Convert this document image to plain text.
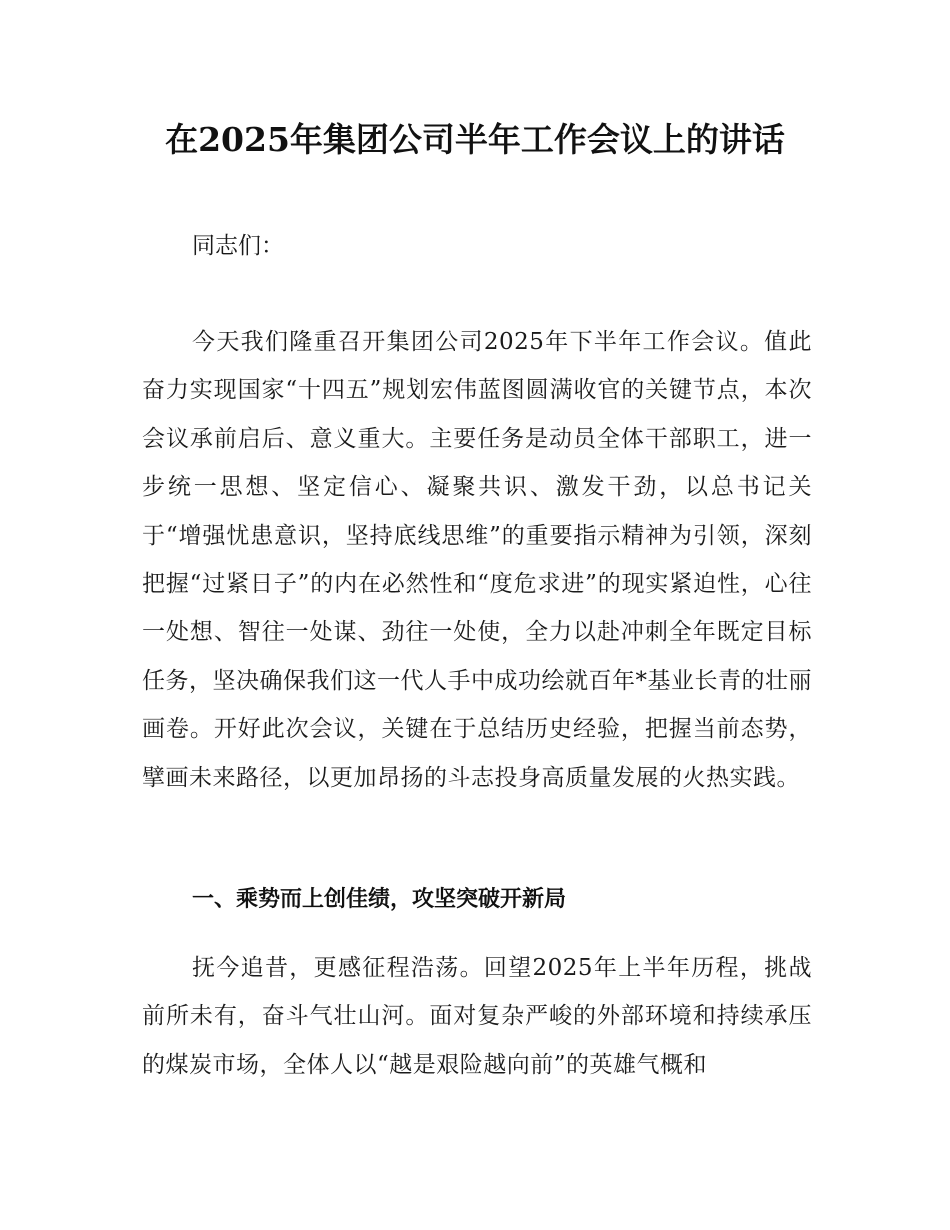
在2025年集团公司半年工作会议上的讲话

同志们：

今天我们隆重召开集团公司2025年下半年工作会议。值此奋力实现国家“十四五”规划宏伟蓝图圆满收官的关键节点，本次会议承前启后、意义重大。主要任务是动员全体干部职工，进一步统一思想、坚定信心、凝聚共识、激发干劲，以总书记关于“增强忧患意识，坚持底线思维”的重要指示精神为引领，深刻把握“过紧日子”的内在必然性和“度危求进”的现实紧迫性，心往一处想、智往一处谋、劲往一处使，全力以赴冲刺全年既定目标任务，坚决确保我们这一代人手中成功绘就百年*基业长青的壮丽画卷。开好此次会议，关键在于总结历史经验，把握当前态势，擘画未来路径，以更加昂扬的斗志投身高质量发展的火热实践。

一、乘势而上创佳绩，攻坚突破开新局

抚今追昔，更感征程浩荡。回望2025年上半年历程，挑战前所未有，奋斗气壮山河。面对复杂严峻的外部环境和持续承压的煤炭市场，全体人以“越是艰险越向前”的英雄气概和
